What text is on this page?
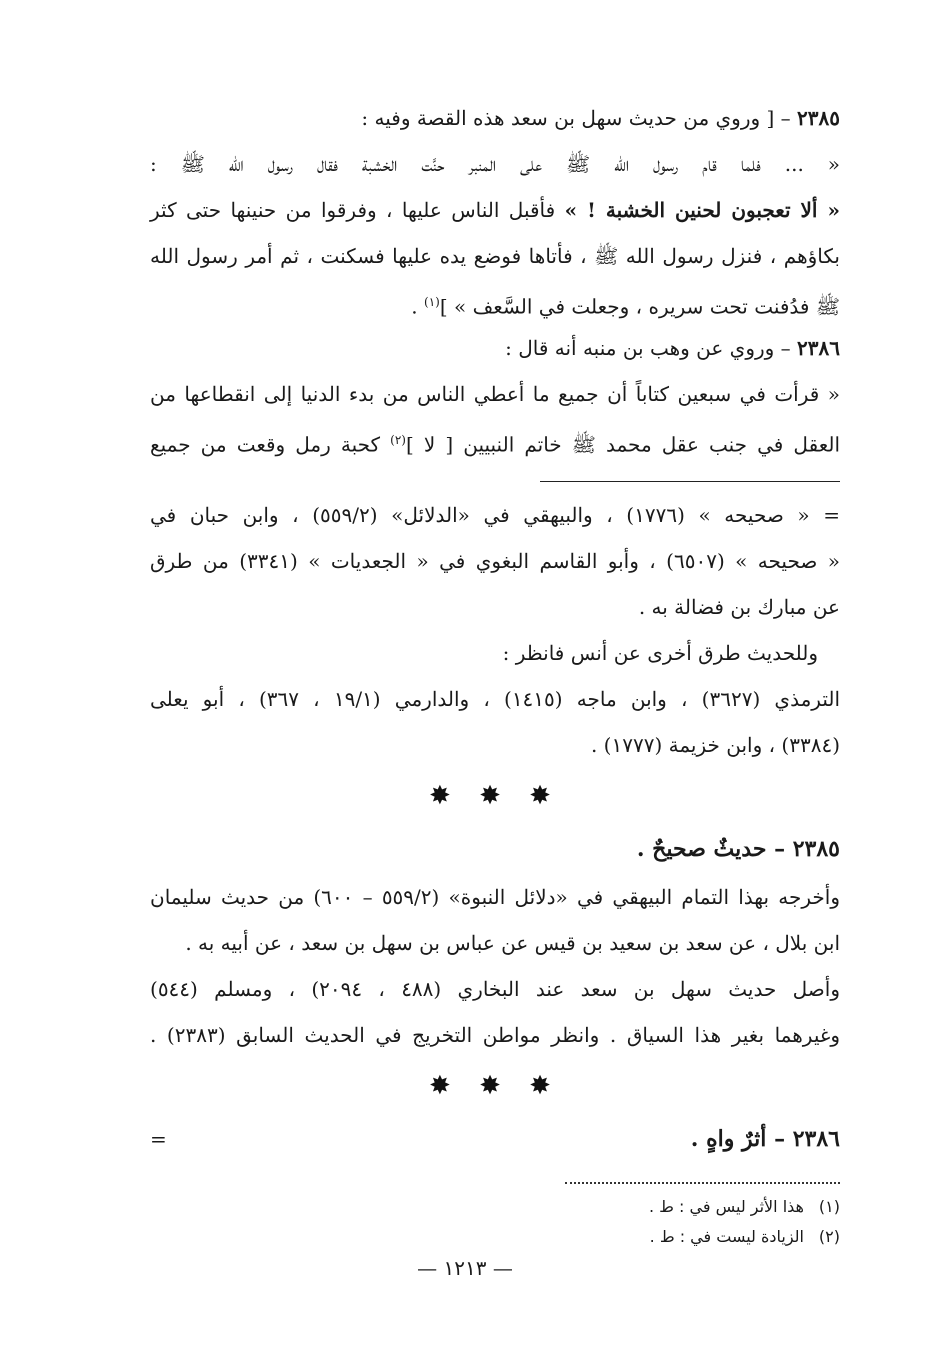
٢٣٨٥ – [ وروي من حديث سهل بن سعد هذه القصة وفيه :
« ... فلما قام رسول الله ﷺ على المنبر حنَّت الخشبة فقال رسول الله ﷺ :
« ألا تعجبون لحنين الخشبة ! » فأقبل الناس عليها ، وفرقوا من حنينها حتى كثر
بكاؤهم ، فنزل رسول الله ﷺ ، فأتاها فوضع يده عليها فسكنت ، ثم أمر رسول الله
ﷺ فدُفنت تحت سريره ، وجعلت في السَّعف » ]$^{(١)}$ .
٢٣٨٦ – وروي عن وهب بن منبه أنه قال :
« قرأت في سبعين كتاباً أن جميع ما أعطي الناس من بدء الدنيا إلى انقطاعها من
العقل في جنب عقل محمد ﷺ خاتم النبيين [ لا ]$^{(٢)}$ كحبة رمل وقعت من جميع
= « صحيحه » (١٧٧٦) ، والبيهقي في «الدلائل» (٥٥٩/٢) ، وابن حبان في
« صحيحه » (٦٥٠٧) ، وأبو القاسم البغوي في « الجعديات » (٣٣٤١) من طرق
عن مبارك بن فضالة به .
وللحديث طرق أخرى عن أنس فانظر :
الترمذي (٣٦٢٧) ، وابن ماجه (١٤١٥) ، والدارمي (١٩/١ ، ٣٦٧) ، أبو يعلى
(٣٣٨٤) ، وابن خزيمة (١٧٧٧) .
✸ ✸ ✸
٢٣٨٥ – حديثٌ صحيحٌ .
وأخرجه بهذا التمام البيهقي في «دلائل النبوة» (٥٥٩/٢ – ٦٠٠) من حديث سليمان
ابن بلال ، عن سعد بن سعيد بن قيس عن عباس بن سهل بن سعد ، عن أبيه به .
وأصل حديث سهل بن سعد عند البخاري (٤٨٨ ، ٢٠٩٤) ، ومسلم (٥٤٤)
وغيرهما بغير هذا السياق . وانظر مواطن التخريج في الحديث السابق (٢٣٨٣) .
✸ ✸ ✸
٢٣٨٦ – أثرٌ واهٍ .
=
(١)هذا الأثر ليس في : ط .
(٢)الزيادة ليست في : ط .
— ١٢١٣ —
